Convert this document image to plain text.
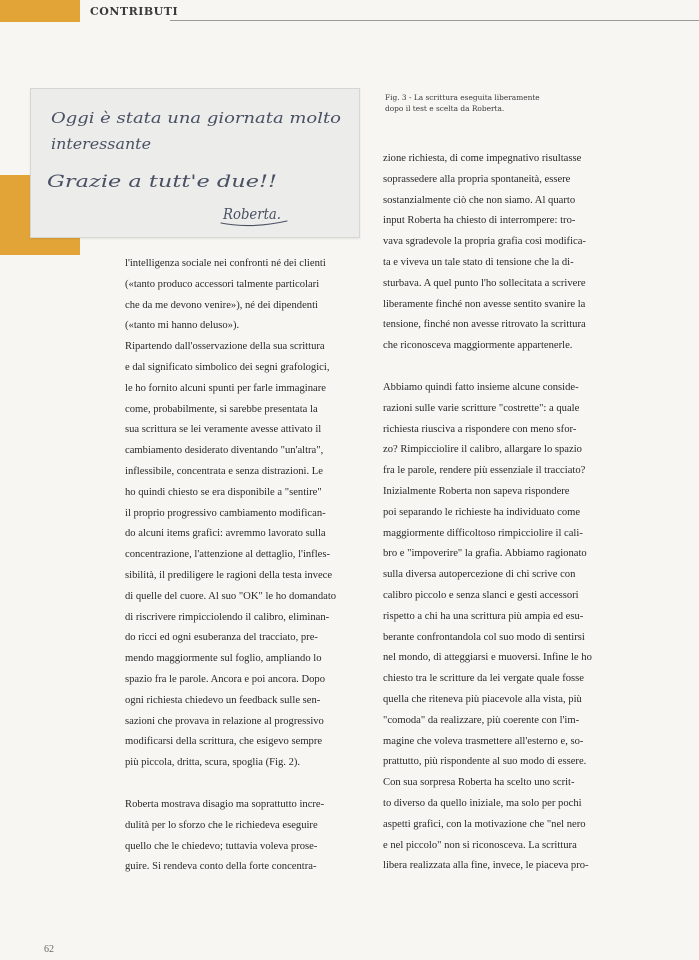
CONTRIBUTI
Oggi è stata una giornata molto
interessante
Grazie a tutt'e due!!
Roberta.
Fig. 3 - La scrittura eseguita liberamente
dopo il test e scelta da Roberta.

l'intelligenza sociale nei confronti né dei clienti
(«tanto produco accessori talmente particolari
che da me devono venire»), né dei dipendenti
(«tanto mi hanno deluso»).
Ripartendo dall'osservazione della sua scrittura
e dal significato simbolico dei segni grafologici,
le ho fornito alcuni spunti per farle immaginare
come, probabilmente, si sarebbe presentata la
sua scrittura se lei veramente avesse attivato il
cambiamento desiderato diventando "un'altra",
inflessibile, concentrata e senza distrazioni. Le
ho quindi chiesto se era disponibile a "sentire"
il proprio progressivo cambiamento modifican-
do alcuni items grafici: avremmo lavorato sulla
concentrazione, l'attenzione al dettaglio, l'infles-
sibilità, il prediligere le ragioni della testa invece
di quelle del cuore. Al suo "OK" le ho domandato
di riscrivere rimpicciolendo il calibro, eliminan-
do ricci ed ogni esuberanza del tracciato, pre-
mendo maggiormente sul foglio, ampliando lo
spazio fra le parole. Ancora e poi ancora. Dopo
ogni richiesta chiedevo un feedback sulle sen-
sazioni che provava in relazione al progressivo
modificarsi della scrittura, che esigevo sempre
più piccola, dritta, scura, spoglia (Fig. 2).

Roberta mostrava disagio ma soprattutto incre-
dulità per lo sforzo che le richiedeva eseguire
quello che le chiedevo; tuttavia voleva prose-
guire. Si rendeva conto della forte concentra-

zione richiesta, di come impegnativo risultasse
soprassedere alla propria spontaneità, essere
sostanzialmente ciò che non siamo. Al quarto
input Roberta ha chiesto di interrompere: tro-
vava sgradevole la propria grafia così modifica-
ta e viveva un tale stato di tensione che la di-
sturbava. A quel punto l'ho sollecitata a scrivere
liberamente finché non avesse sentito svanire la
tensione, finché non avesse ritrovato la scrittura
che riconosceva maggiormente appartenerle.

Abbiamo quindi fatto insieme alcune conside-
razioni sulle varie scritture "costrette": a quale
richiesta riusciva a rispondere con meno sfor-
zo? Rimpicciolire il calibro, allargare lo spazio
fra le parole, rendere più essenziale il tracciato?
Inizialmente Roberta non sapeva rispondere
poi separando le richieste ha individuato come
maggiormente difficoltoso rimpicciolire il cali-
bro e "impoverire" la grafia. Abbiamo ragionato
sulla diversa autopercezione di chi scrive con
calibro piccolo e senza slanci e gesti accessori
rispetto a chi ha una scrittura più ampia ed esu-
berante confrontandola col suo modo di sentirsi
nel mondo, di atteggiarsi e muoversi. Infine le ho
chiesto tra le scritture da lei vergate quale fosse
quella che riteneva più piacevole alla vista, più
"comoda" da realizzare, più coerente con l'im-
magine che voleva trasmettere all'esterno e, so-
prattutto, più rispondente al suo modo di essere.
Con sua sorpresa Roberta ha scelto uno scrit-
to diverso da quello iniziale, ma solo per pochi
aspetti grafici, con la motivazione che "nel nero
e nel piccolo" non si riconosceva. La scrittura
libera realizzata alla fine, invece, le piaceva pro-

62
